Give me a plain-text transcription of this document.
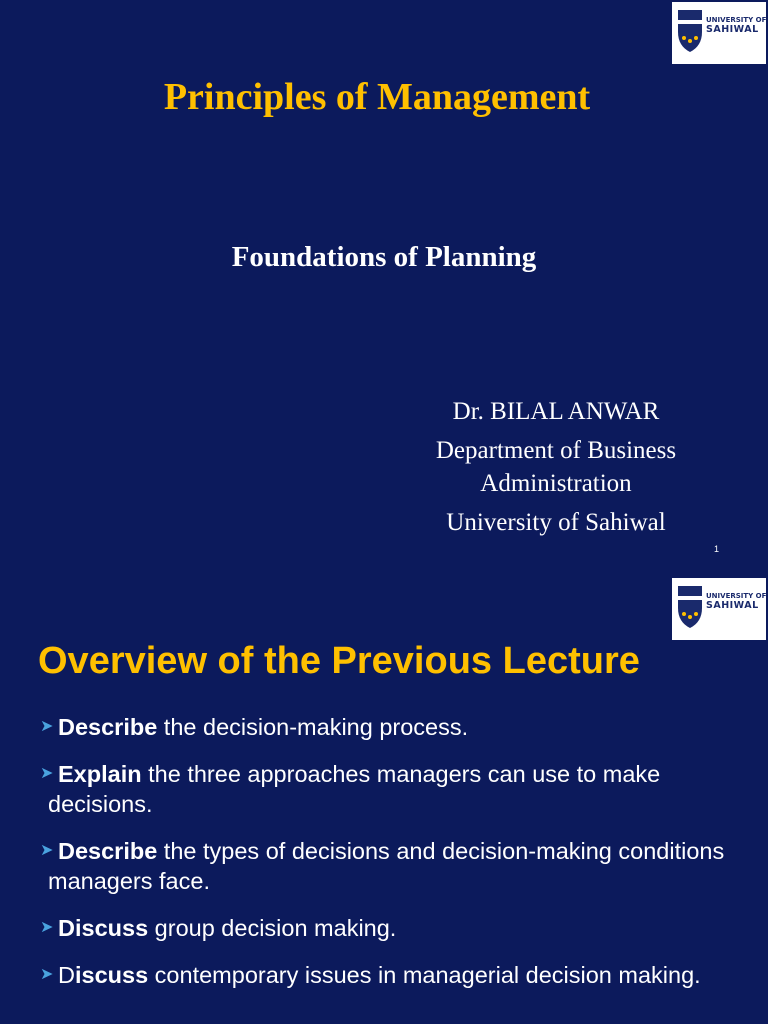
UNIVERSITY OF
SAHIWAL
Principles of Management
Foundations of Planning
Dr. BILAL ANWAR
Department of Business Administration
University of Sahiwal
1
UNIVERSITY OF
SAHIWAL
Overview of the Previous Lecture
➤ Describe the decision-making process.
➤ Explain the three approaches managers can use to make decisions.
➤ Describe the types of decisions and decision-making conditions managers face.
➤ Discuss group decision making.
➤ Discuss contemporary issues in managerial decision making.
